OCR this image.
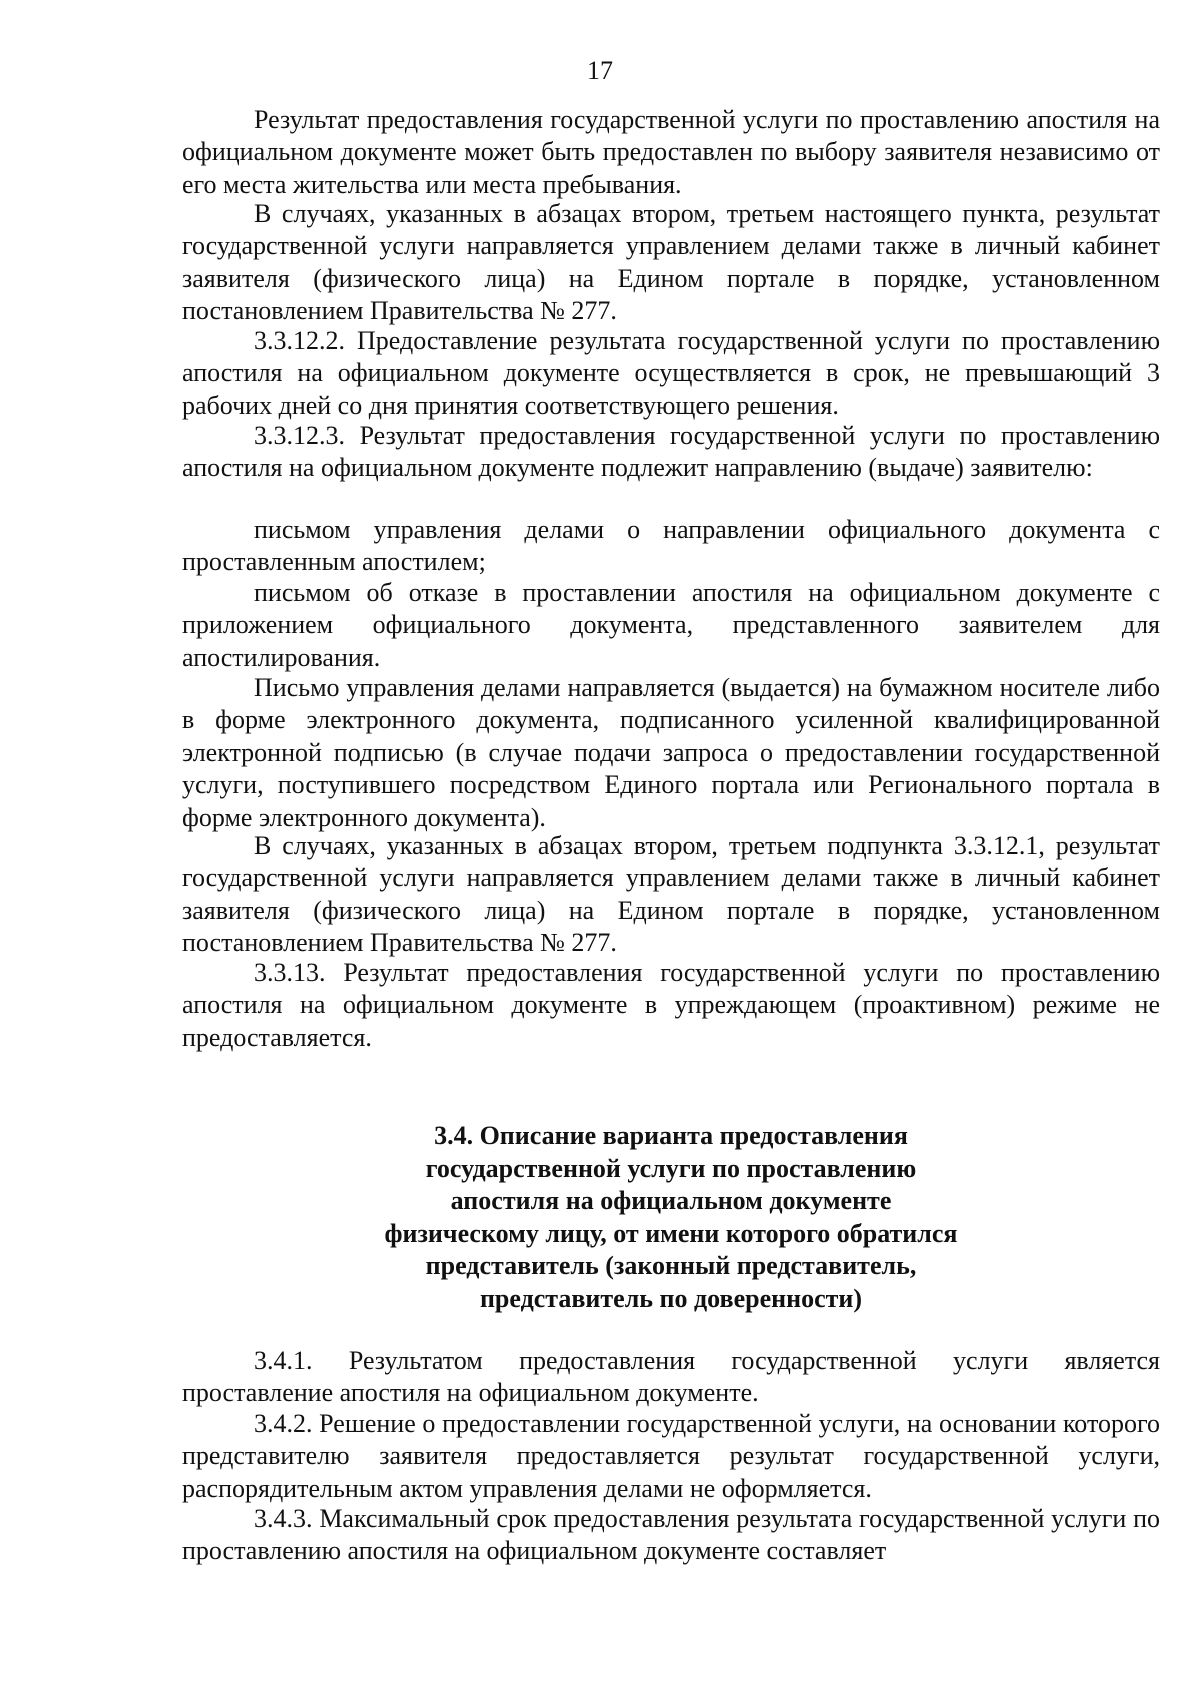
17

Результат предоставления государственной услуги по проставлению апостиля на официальном документе может быть предоставлен по выбору заявителя независимо от его места жительства или места пребывания.

В случаях, указанных в абзацах втором, третьем настоящего пункта, результат государственной услуги направляется управлением делами также в личный кабинет заявителя (физического лица) на Едином портале в порядке, установленном постановлением Правительства № 277.

3.3.12.2. Предоставление результата государственной услуги по проставлению апостиля на официальном документе осуществляется в срок, не превышающий 3 рабочих дней со дня принятия соответствующего решения.

3.3.12.3. Результат предоставления государственной услуги по проставлению апостиля на официальном документе подлежит направлению (выдаче) заявителю:

письмом управления делами о направлении официального документа с проставленным апостилем;

письмом об отказе в проставлении апостиля на официальном документе с приложением официального документа, представленного заявителем для апостилирования.

Письмо управления делами направляется (выдается) на бумажном носителе либо в форме электронного документа, подписанного усиленной квалифицированной электронной подписью (в случае подачи запроса о предоставлении государственной услуги, поступившего посредством Единого портала или Регионального портала в форме электронного документа).

В случаях, указанных в абзацах втором, третьем подпункта 3.3.12.1, результат государственной услуги направляется управлением делами также в личный кабинет заявителя (физического лица) на Едином портале в порядке, установленном постановлением Правительства № 277.

3.3.13. Результат предоставления государственной услуги по проставлению апостиля на официальном документе в упреждающем (проактивном) режиме не предоставляется.

3.4. Описание варианта предоставления
государственной услуги по проставлению
апостиля на официальном документе
физическому лицу, от имени которого обратился
представитель (законный представитель,
представитель по доверенности)

3.4.1. Результатом предоставления государственной услуги является проставление апостиля на официальном документе.

3.4.2. Решение о предоставлении государственной услуги, на основании которого представителю заявителя предоставляется результат государственной услуги, распорядительным актом управления делами не оформляется.

3.4.3. Максимальный срок предоставления результата государственной услуги по проставлению апостиля на официальном документе составляет
